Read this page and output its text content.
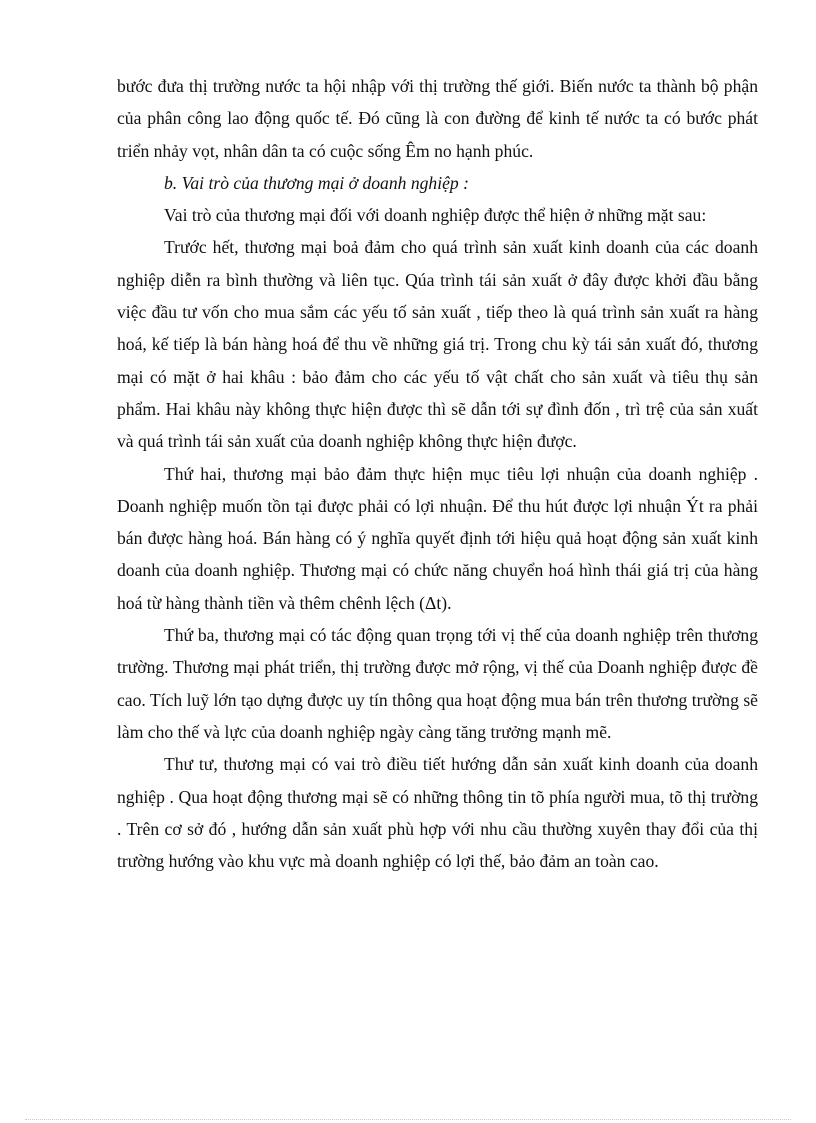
bước đưa thị trường nước ta hội nhập với thị trường thế giới. Biến nước ta thành bộ phận của phân công lao động quốc tế. Đó cũng là con đường để kinh tế nước ta có bước phát triển nhảy vọt, nhân dân ta có cuộc sống Êm no hạnh phúc.

b. Vai trò của thương mại ở doanh nghiệp :

Vai trò của thương mại đối với doanh nghiệp được thể hiện ở những mặt sau:

Trước hết, thương mại boả đảm cho quá trình sản xuất kinh doanh của các doanh nghiệp diễn ra bình thường và liên tục. Qúa trình tái sản xuất ở đây được khởi đầu bằng việc đầu tư vốn cho mua sắm các yếu tố sản xuất , tiếp theo là quá trình sản xuất ra hàng hoá, kế tiếp là bán hàng hoá để thu về những giá trị. Trong chu kỳ tái sản xuất đó, thương mại có mặt ở hai khâu : bảo đảm cho các yếu tố vật chất cho sản xuất và tiêu thụ sản phẩm. Hai khâu này không thực hiện được thì sẽ dẫn tới sự đình đốn , trì trệ của sản xuất và quá trình tái sản xuất của doanh nghiệp không thực hiện được.

Thứ hai, thương mại bảo đảm thực hiện mục tiêu lợi nhuận của doanh nghiệp . Doanh nghiệp muốn tồn tại được phải có lợi nhuận. Để thu hút được lợi nhuận Ýt ra phải bán được hàng hoá. Bán hàng có ý nghĩa quyết định tới hiệu quả hoạt động sản xuất kinh doanh của doanh nghiệp. Thương mại có chức năng chuyển hoá hình thái giá trị của hàng hoá từ hàng thành tiền và thêm chênh lệch (Δt).

Thứ ba, thương mại có tác động quan trọng tới vị thế của doanh nghiệp trên thương trường. Thương mại phát triển, thị trường được mở rộng, vị thế của Doanh nghiệp được đề cao. Tích luỹ lớn tạo dựng được uy tín thông qua hoạt động mua bán trên thương trường sẽ làm cho thế và lực của doanh nghiệp ngày càng tăng trưởng mạnh mẽ.

Thư tư, thương mại có vai trò điều tiết hướng dẫn sản xuất kinh doanh của doanh nghiệp . Qua hoạt động thương mại sẽ có những thông tin tõ phía người mua, tõ thị trường . Trên cơ sở đó , hướng dẫn sản xuất phù hợp với nhu cầu thường xuyên thay đổi của thị trường hướng vào khu vực mà doanh nghiệp có lợi thế, bảo đảm an toàn cao.
